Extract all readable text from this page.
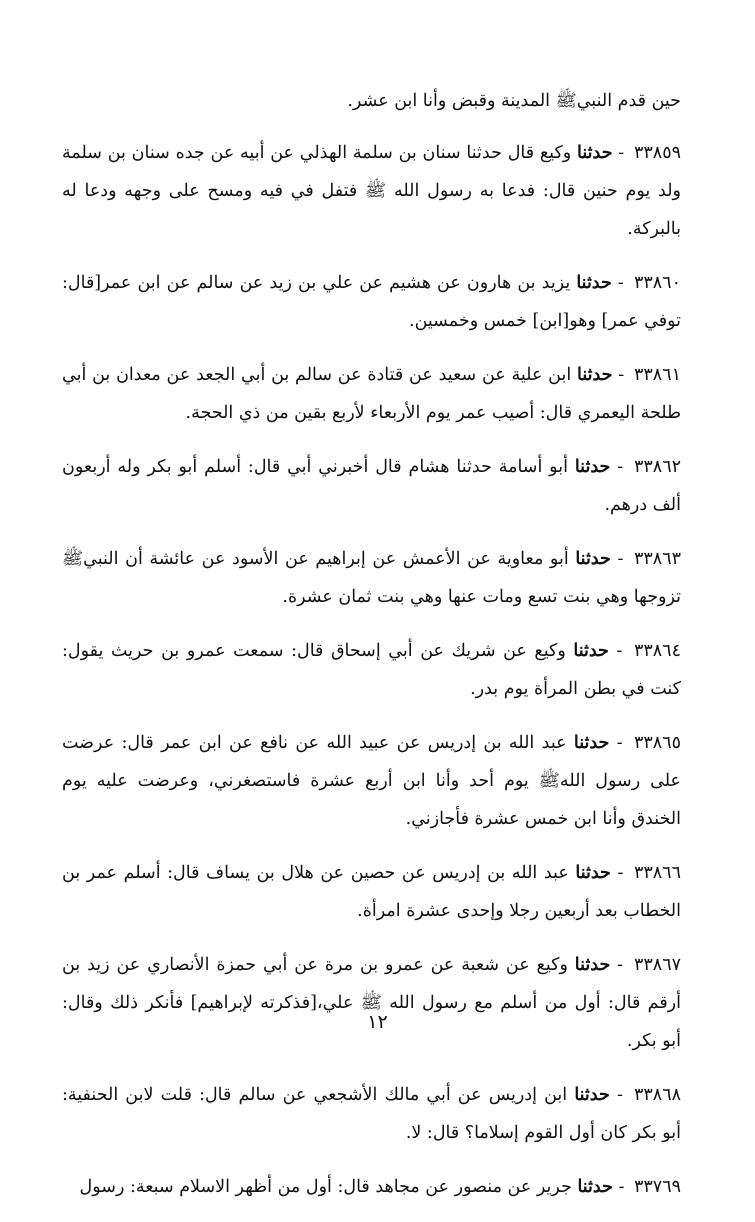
حين قدم النبيﷺ المدينة وقبض وأنا ابن عشر.

٣٣٨٥٩ - حدثنا وكيع قال حدثنا سنان بن سلمة الهذلي عن أبيه عن جده سنان بن سلمة ولد يوم حنين قال: فدعا به رسول الله ﷺ فتفل في فيه ومسح على وجهه ودعا له بالبركة.

٣٣٨٦٠ - حدثنا يزيد بن هارون عن هشيم عن علي بن زيد عن سالم عن ابن عمر[قال: توفي عمر] وهو[ابن] خمس وخمسين.

٣٣٨٦١ - حدثنا ابن علية عن سعيد عن قتادة عن سالم بن أبي الجعد عن معدان بن أبي طلحة اليعمري قال: أصيب عمر يوم الأربعاء لأربع بقين من ذي الحجة.

٣٣٨٦٢ - حدثنا أبو أسامة حدثنا هشام قال أخبرني أبي قال: أسلم أبو بكر وله أربعون ألف درهم.

٣٣٨٦٣ - حدثنا أبو معاوية عن الأعمش عن إبراهيم عن الأسود عن عائشة أن النبيﷺ تزوجها وهي بنت تسع ومات عنها وهي بنت ثمان عشرة.

٣٣٨٦٤ - حدثنا وكيع عن شريك عن أبي إسحاق قال: سمعت عمرو بن حريث يقول: كنت في بطن المرأة يوم بدر.

٣٣٨٦٥ - حدثنا عبد الله بن إدريس عن عبيد الله عن نافع عن ابن عمر قال: عرضت على رسول اللهﷺ يوم أحد وأنا ابن أربع عشرة فاستصغرني، وعرضت عليه يوم الخندق وأنا ابن خمس عشرة فأجازني.

٣٣٨٦٦ - حدثنا عبد الله بن إدريس عن حصين عن هلال بن يساف قال: أسلم عمر بن الخطاب بعد أربعين رجلا وإحدى عشرة امرأة.

٣٣٨٦٧ - حدثنا وكيع عن شعبة عن عمرو بن مرة عن أبي حمزة الأنصاري عن زيد بن أرقم قال: أول من أسلم مع رسول الله ﷺ علي،[فذكرته لإبراهيم] فأنكر ذلك وقال: أبو بكر.

٣٣٨٦٨ - حدثنا ابن إدريس عن أبي مالك الأشجعي عن سالم قال: قلت لابن الحنفية: أبو بكر كان أول القوم إسلاما؟ قال: لا.

٣٣٧٦٩ - حدثنا جرير عن منصور عن مجاهد قال: أول من أظهر الاسلام سبعة: رسول

١٢
